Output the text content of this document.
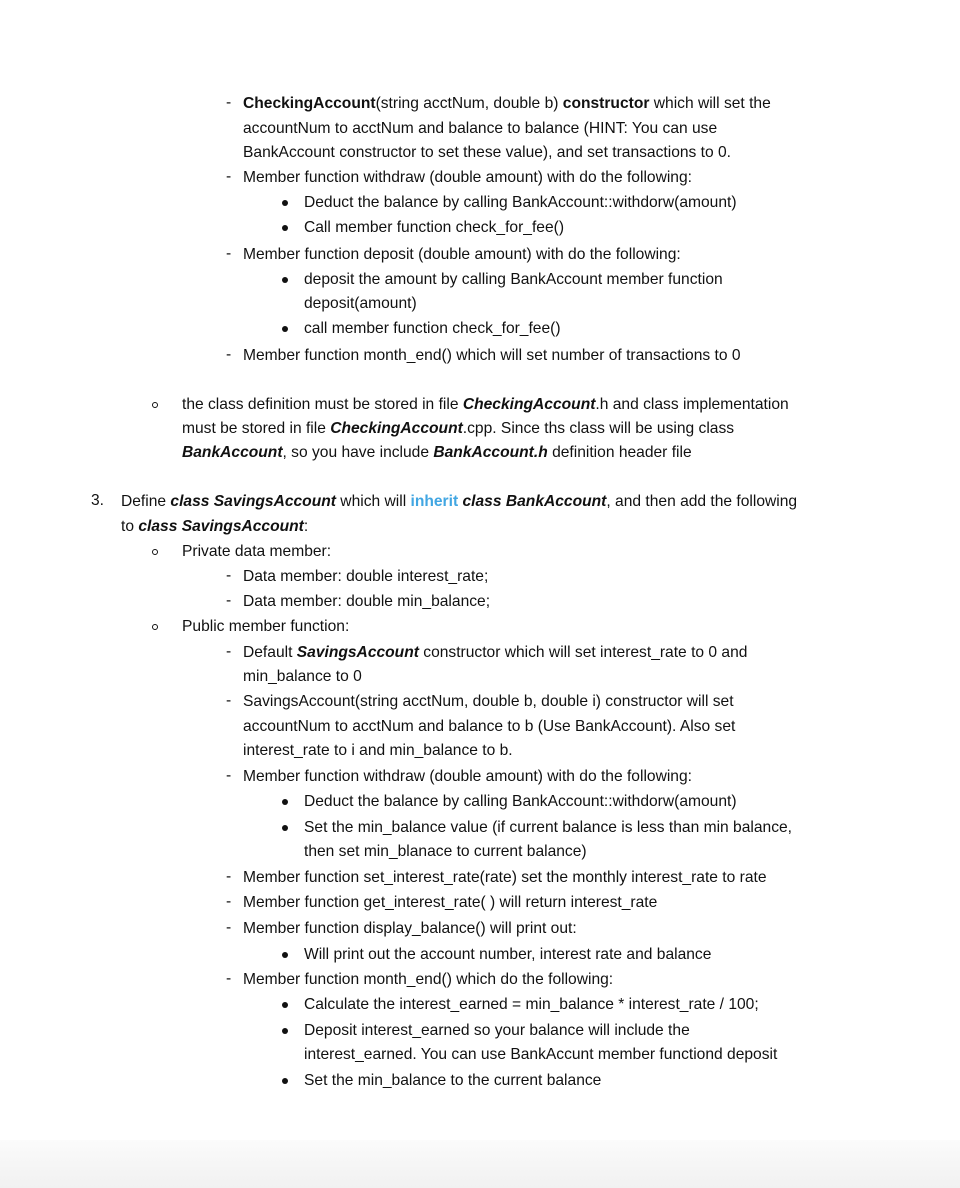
- CheckingAccount(string acctNum, double b) constructor which will set the
accountNum to acctNum and balance to balance (HINT: You can use
BankAccount constructor to set these value), and set transactions to 0.
- Member function withdraw (double amount) with do the following:
Deduct the balance by calling BankAccount::withdorw(amount)
Call member function check_for_fee()
- Member function deposit (double amount) with do the following:
deposit the amount by calling BankAccount member function
deposit(amount)
call member function check_for_fee()
- Member function month_end() which will set number of transactions to 0
the class definition must be stored in file CheckingAccount.h and class implementation
must be stored in file CheckingAccount.cpp. Since ths class will be using class
BankAccount, so you have include BankAccount.h definition header file
3. Define class SavingsAccount which will inherit class BankAccount, and then add the following
to class SavingsAccount:
Private data member:
- Data member: double interest_rate;
- Data member: double min_balance;
Public member function:
- Default SavingsAccount constructor which will set interest_rate to 0 and
min_balance to 0
- SavingsAccount(string acctNum, double b, double i) constructor will set
accountNum to acctNum and balance to b (Use BankAccount). Also set
interest_rate to i and min_balance to b.
- Member function withdraw (double amount) with do the following:
Deduct the balance by calling BankAccount::withdorw(amount)
Set the min_balance value (if current balance is less than min balance,
then set min_blanace to current balance)
- Member function set_interest_rate(rate) set the monthly interest_rate to rate
- Member function get_interest_rate( ) will return interest_rate
- Member function display_balance() will print out:
Will print out the account number, interest rate and balance
- Member function month_end() which do the following:
Calculate the interest_earned = min_balance * interest_rate / 100;
Deposit interest_earned so your balance will include the
interest_earned. You can use BankAccunt member functiond deposit
Set the min_balance to the current balance
